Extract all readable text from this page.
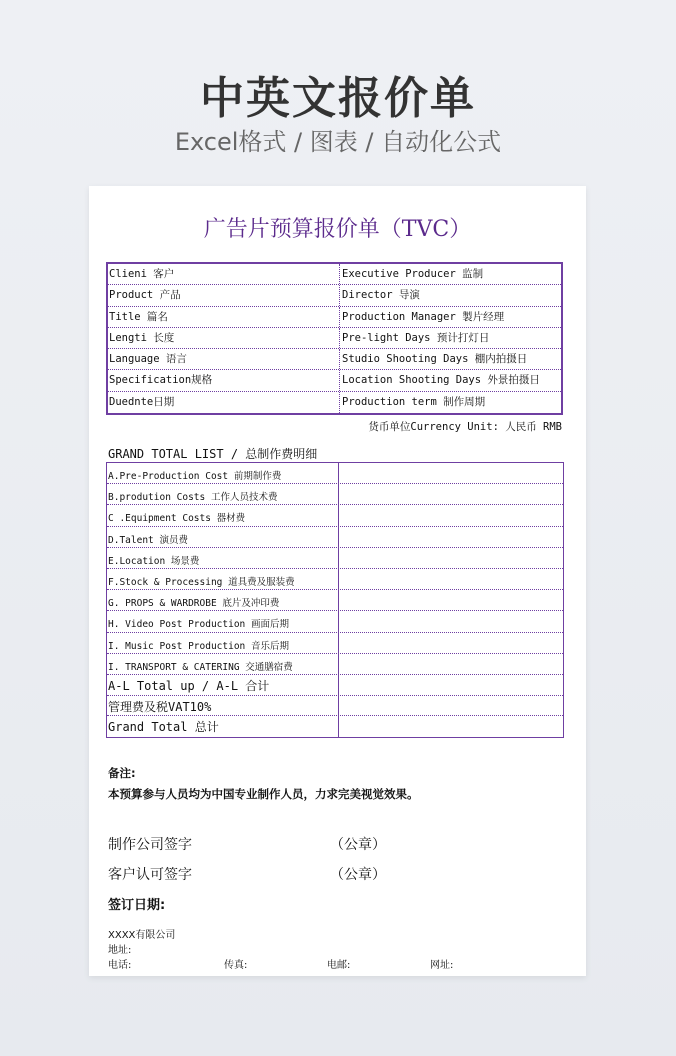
中英文报价单
Excel格式 / 图表 / 自动化公式
广告片预算报价单（TVC）
Clieni 客户	Executive Producer 监制
Product 产品	Director 导演
Title 篇名	Production Manager 製片经理
Lengti 长度	Pre-light Days 预计打灯日
Language 语言	Studio Shooting Days 棚内拍摄日
Specification规格	Location Shooting Days 外景拍摄日
Duednte日期	Production term 制作周期
货币单位Currency Unit: 人民币 RMB
GRAND TOTAL LIST / 总制作费明细
A.Pre-Production Cost 前期制作费
B.prodution Costs 工作人员技术费
C .Equipment Costs 器材费
D.Talent 演员费
E.Location 场景费
F.Stock & Processing 道具费及服装费
G. PROPS & WARDROBE 底片及冲印费
H. Video Post Production 画面后期
I. Music Post Production 音乐后期
I. TRANSPORT & CATERING 交通膳宿费
A-L Total up / A-L 合计
管理费及税VAT10%
Grand Total 总计
备注:
本预算参与人员均为中国专业制作人员，力求完美视觉效果。
制作公司签字	（公章）
客户认可签字	（公章）
签订日期:
XXXX有限公司
地址:
电话:	传真:	电邮:	网址:
